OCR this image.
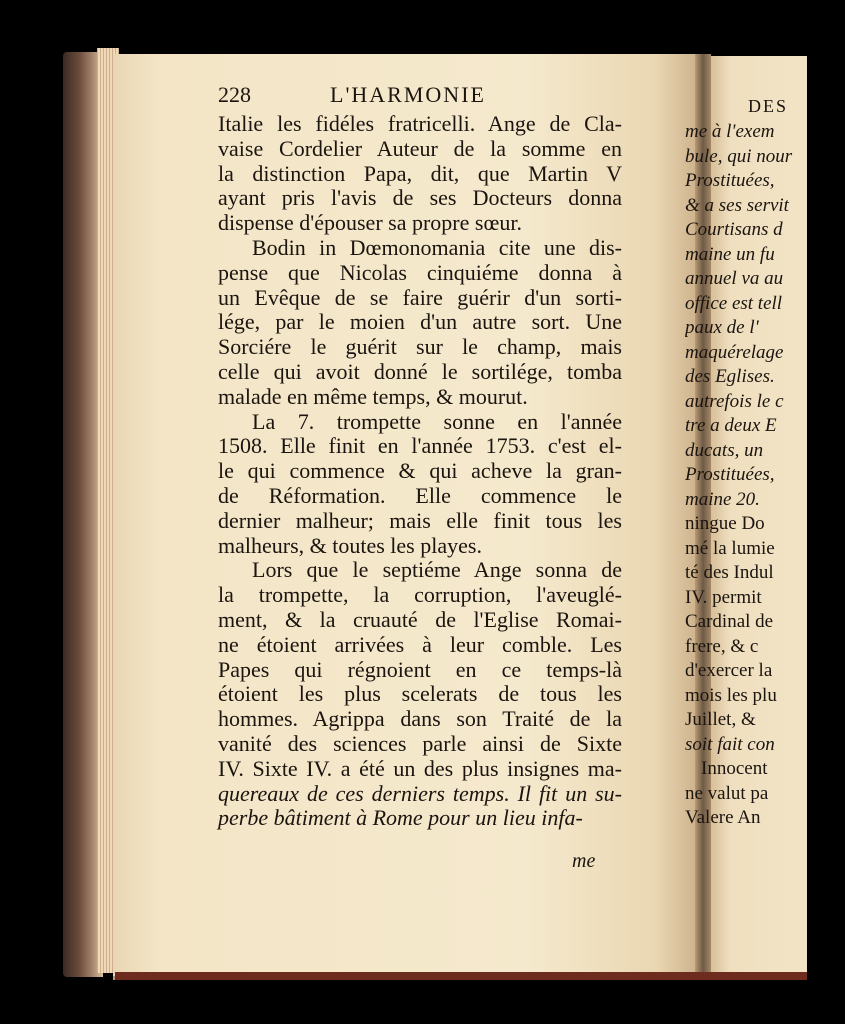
228	L'HARMONIE
Italie les fidéles fratricelli. Ange de Cla-
vaise Cordelier Auteur de la somme en
la distinction Papa, dit, que Martin V
ayant pris l'avis de ses Docteurs donna
dispense d'épouser sa propre sœur.
Bodin in Dœmonomania cite une dis-
pense que Nicolas cinquiéme donna à
un Evêque de se faire guérir d'un sorti-
lége, par le moien d'un autre sort. Une
Sorciére le guérit sur le champ, mais
celle qui avoit donné le sortilége, tomba
malade en même temps, & mourut.
La 7. trompette sonne en l'année
1508. Elle finit en l'année 1753. c'est el-
le qui commence & qui acheve la gran-
de Réformation. Elle commence le
dernier malheur; mais elle finit tous les
malheurs, & toutes les playes.
Lors que le septiéme Ange sonna de
la trompette, la corruption, l'aveuglé-
ment, & la cruauté de l'Eglise Romai-
ne étoient arrivées à leur comble. Les
Papes qui régnoient en ce temps-là
étoient les plus scelerats de tous les
hommes. Agrippa dans son Traité de la
vanité des sciences parle ainsi de Sixte
IV. Sixte IV. a été un des plus insignes ma-
quereaux de ces derniers temps. Il fit un su-
perbe bâtiment à Rome pour un lieu infa-
me
DES
me à l'exem
bule, qui nour
Prostituées,
& a ses servit
Courtisans d
maine un fu
annuel va au
office est tell
paux de l'
maquérelage
des Eglises.
autrefois le c
tre a deux E
ducats, un
Prostituées,
maine 20.
ningue Do
mé la lumie
té des Indul
IV. permit
Cardinal de
frere, & c
d'exercer la
mois les plu
Juillet, &
soit fait con
Innocent
ne valut pa
Valere An
